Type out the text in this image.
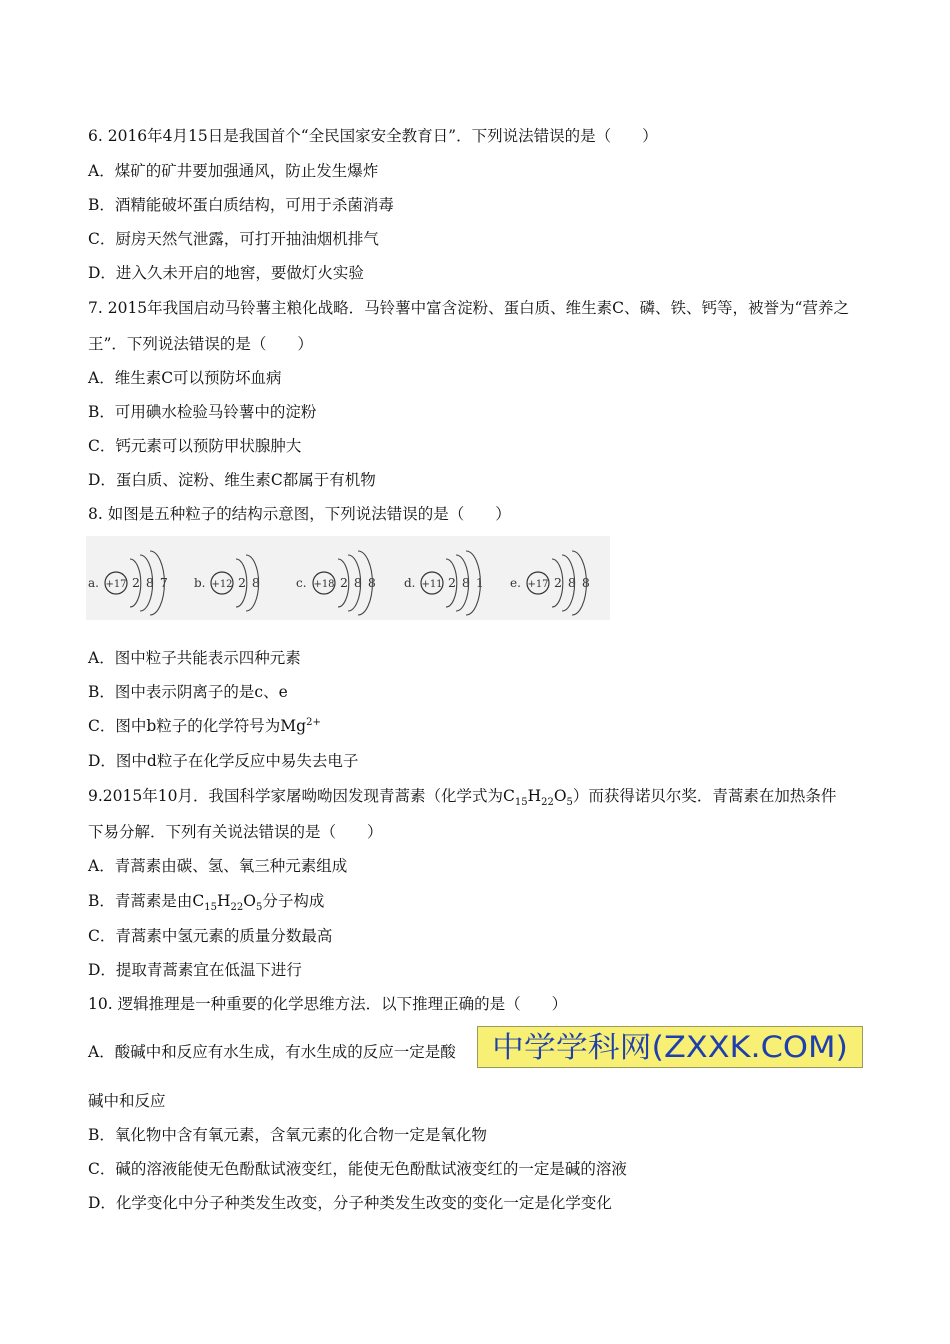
6. 2016年4月15日是我国首个“全民国家安全教育日”．下列说法错误的是（　　）
A．煤矿的矿井要加强通风，防止发生爆炸
B．酒精能破坏蛋白质结构，可用于杀菌消毒
C．厨房天然气泄露，可打开抽油烟机排气
D．进入久未开启的地窖，要做灯火实验
7. 2015年我国启动马铃薯主粮化战略．马铃薯中富含淀粉、蛋白质、维生素C、磷、铁、钙等，被誉为“营养之
王”．下列说法错误的是（　　）
A．维生素C可以预防坏血病
B．可用碘水检验马铃薯中的淀粉
C．钙元素可以预防甲状腺肿大
D．蛋白质、淀粉、维生素C都属于有机物
8. 如图是五种粒子的结构示意图，下列说法错误的是（　　）
a. +17 2 8 7 b. +12 2 8	c. +18 2 8 8 d. +11 2 8 1 e. +17 2 8 8
A．图中粒子共能表示四种元素
B．图中表示阴离子的是c、e
C．图中b粒子的化学符号为$Mg^{2+}$
D．图中d粒子在化学反应中易失去电子
9.2015年10月．我国科学家屠呦呦因发现青蒿素（化学式为$C_{15}H_{22}O_5$）而获得诺贝尔奖．青蒿素在加热条件
下易分解．下列有关说法错误的是（　　）
A．青蒿素由碳、氢、氧三种元素组成
B．青蒿素是由$C_{15}H_{22}O_5$分子构成
C．青蒿素中氢元素的质量分数最高
D．提取青蒿素宜在低温下进行
10. 逻辑推理是一种重要的化学思维方法．以下推理正确的是（　　）
A．酸碱中和反应有水生成，有水生成的反应一定是酸 中学学科网(ZXXK.COM)
碱中和反应
B．氧化物中含有氧元素，含氧元素的化合物一定是氧化物
C．碱的溶液能使无色酚酞试液变红，能使无色酚酞试液变红的一定是碱的溶液
D．化学变化中分子种类发生改变，分子种类发生改变的变化一定是化学变化
